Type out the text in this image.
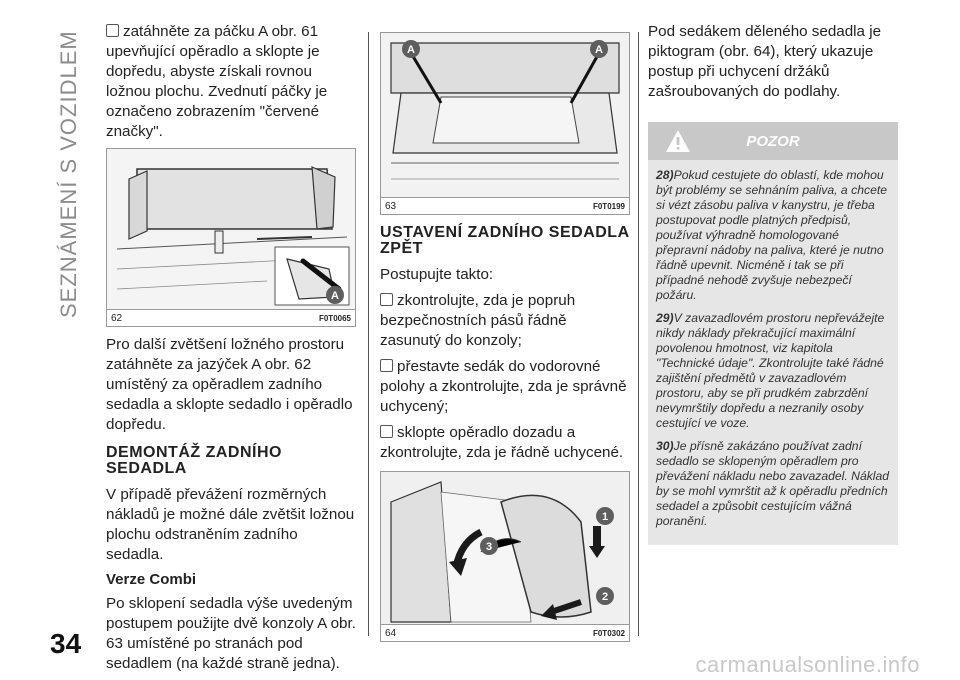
SEZNÁMENÍ S VOZIDLEM
34
carmanualsonline.info

zatáhněte za páčku A obr. 61 upevňující opěradlo a sklopte je dopředu, abyste získali rovnou ložnou plochu. Zvednutí páčky je označeno zobrazením "červené značky".

A
62	F0T0065

Pro další zvětšení ložného prostoru zatáhněte za jazýček A obr. 62 umístěný za opěradlem zadního sedadla a sklopte sedadlo i opěradlo dopředu.

DEMONTÁŽ ZADNÍHO SEDADLA

V případě převážení rozměrných nákladů je možné dále zvětšit ložnou plochu odstraněním zadního sedadla.

Verze Combi

Po sklopení sedadla výše uvedeným postupem použijte dvě konzoly A obr. 63 umístěné po stranách pod sedadlem (na každé straně jedna).

A	A
63	F0T0199
USTAVENÍ ZADNÍHO SEDADLA ZPĚT

Postupujte takto:

zkontrolujte, zda je popruh bezpečnostních pásů řádně zasunutý do konzoly;

přestavte sedák do vodorovné polohy a zkontrolujte, zda je správně uchycený;

sklopte opěradlo dozadu a zkontrolujte, zda je řádně uchycené.

1
2
3
64	F0T0302

Pod sedákem děleného sedadla je piktogram (obr. 64), který ukazuje postup při uchycení držáků zašroubovaných do podlahy.

POZOR

28)Pokud cestujete do oblastí, kde mohou být problémy se sehnáním paliva, a chcete si vézt zásobu paliva v kanystru, je třeba postupovat podle platných předpisů, používat výhradně homologované přepravní nádoby na paliva, které je nutno řádně upevnit. Nicméně i tak se při případné nehodě zvyšuje nebezpečí požáru.

29)V zavazadlovém prostoru nepřevážejte nikdy náklady překračující maximální povolenou hmotnost, viz kapitola "Technické údaje". Zkontrolujte také řádné zajištění předmětů v zavazadlovém prostoru, aby se při prudkém zabrzdění nevymrštily dopředu a nezranily osoby cestující ve voze.

30)Je přísně zakázáno používat zadní sedadlo se sklopeným opěradlem pro převážení nákladu nebo zavazadel. Náklad by se mohl vymrštit až k opěradlu předních sedadel a způsobit cestujícím vážná poranění.
